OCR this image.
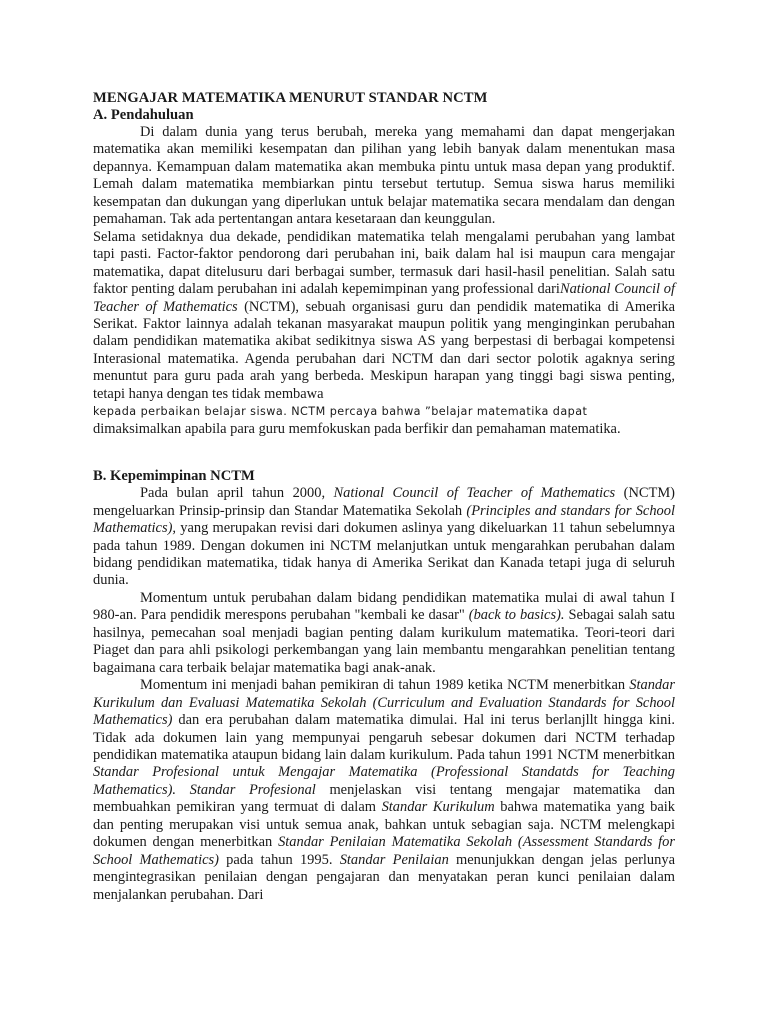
MENGAJAR MATEMATIKA MENURUT STANDAR NCTM
A. Pendahuluan

Di dalam dunia yang terus berubah, mereka yang memahami dan dapat mengerjakan matematika akan memiliki kesempatan dan pilihan yang lebih banyak dalam menentukan masa depannya. Kemampuan dalam matematika akan membuka pintu untuk masa depan yang produktif. Lemah dalam matematika membiarkan pintu tersebut tertutup. Semua siswa harus memiliki kesempatan dan dukungan yang diperlukan untuk belajar matematika secara mendalam dan dengan pemahaman. Tak ada pertentangan antara kesetaraan dan keunggulan.

Selama setidaknya dua dekade, pendidikan matematika telah mengalami perubahan yang lambat tapi pasti. Factor-faktor pendorong dari perubahan ini, baik dalam hal isi maupun cara mengajar matematika, dapat ditelusuru dari berbagai sumber, termasuk dari hasil-hasil penelitian. Salah satu faktor penting dalam perubahan ini adalah kepemimpinan yang professional dariNational Council of Teacher of Mathematics (NCTM), sebuah organisasi guru dan pendidik matematika di Amerika Serikat. Faktor lainnya adalah tekanan masyarakat maupun politik yang menginginkan perubahan dalam pendidikan matematika akibat sedikitnya siswa AS yang berpestasi di berbagai kompetensi Interasional matematika. Agenda perubahan dari NCTM dan dari sector polotik agaknya sering menuntut para guru pada arah yang berbeda. Meskipun harapan yang tinggi bagi siswa penting, tetapi hanya dengan tes tidak membawa

kepada perbaikan belajar siswa. NCTM percaya bahwa ”belajar matematika dapat

dimaksimalkan apabila para guru memfokuskan pada berfikir dan pemahaman matematika.

B. Kepemimpinan NCTM

Pada bulan april tahun 2000, National Council of Teacher of Mathematics (NCTM) mengeluarkan Prinsip-prinsip dan Standar Matematika Sekolah (Principles and standars for School Mathematics), yang merupakan revisi dari dokumen aslinya yang dikeluarkan 11 tahun sebelumnya pada tahun 1989. Dengan dokumen ini NCTM melanjutkan untuk mengarahkan perubahan dalam bidang pendidikan matematika, tidak hanya di Amerika Serikat dan Kanada tetapi juga di seluruh dunia.

Momentum untuk perubahan dalam bidang pendidikan matematika mulai di awal tahun I 980-an. Para pendidik merespons perubahan "kembali ke dasar" (back to basics). Sebagai salah satu hasilnya, pemecahan soal menjadi bagian penting dalam kurikulum matematika. Teori-teori dari Piaget dan para ahli psikologi perkembangan yang lain membantu mengarahkan penelitian tentang bagaimana cara terbaik belajar matematika bagi anak-anak.

Momentum ini menjadi bahan pemikiran di tahun 1989 ketika NCTM menerbitkan Standar Kurikulum dan Evaluasi Matematika Sekolah (Curriculum and Evaluation Standards for School Mathematics) dan era perubahan dalam matematika dimulai. Hal ini terus berlanjllt hingga kini. Tidak ada dokumen lain yang mempunyai pengaruh sebesar dokumen dari NCTM terhadap pendidikan matematika ataupun bidang lain dalam kurikulum. Pada tahun 1991 NCTM menerbitkan Standar Profesional untuk Mengajar Matematika (Professional Standatds for Teaching Mathematics). Standar Profesional menjelaskan visi tentang mengajar matematika dan membuahkan pemikiran yang termuat di dalam Standar Kurikulum bahwa matematika yang baik dan penting merupakan visi untuk semua anak, bahkan untuk sebagian saja. NCTM melengkapi dokumen dengan menerbitkan Standar Penilaian Matematika Sekolah (Assessment Standards for School Mathematics) pada tahun 1995. Standar Penilaian menunjukkan dengan jelas perlunya mengintegrasikan penilaian dengan pengajaran dan menyatakan peran kunci penilaian dalam menjalankan perubahan. Dari
